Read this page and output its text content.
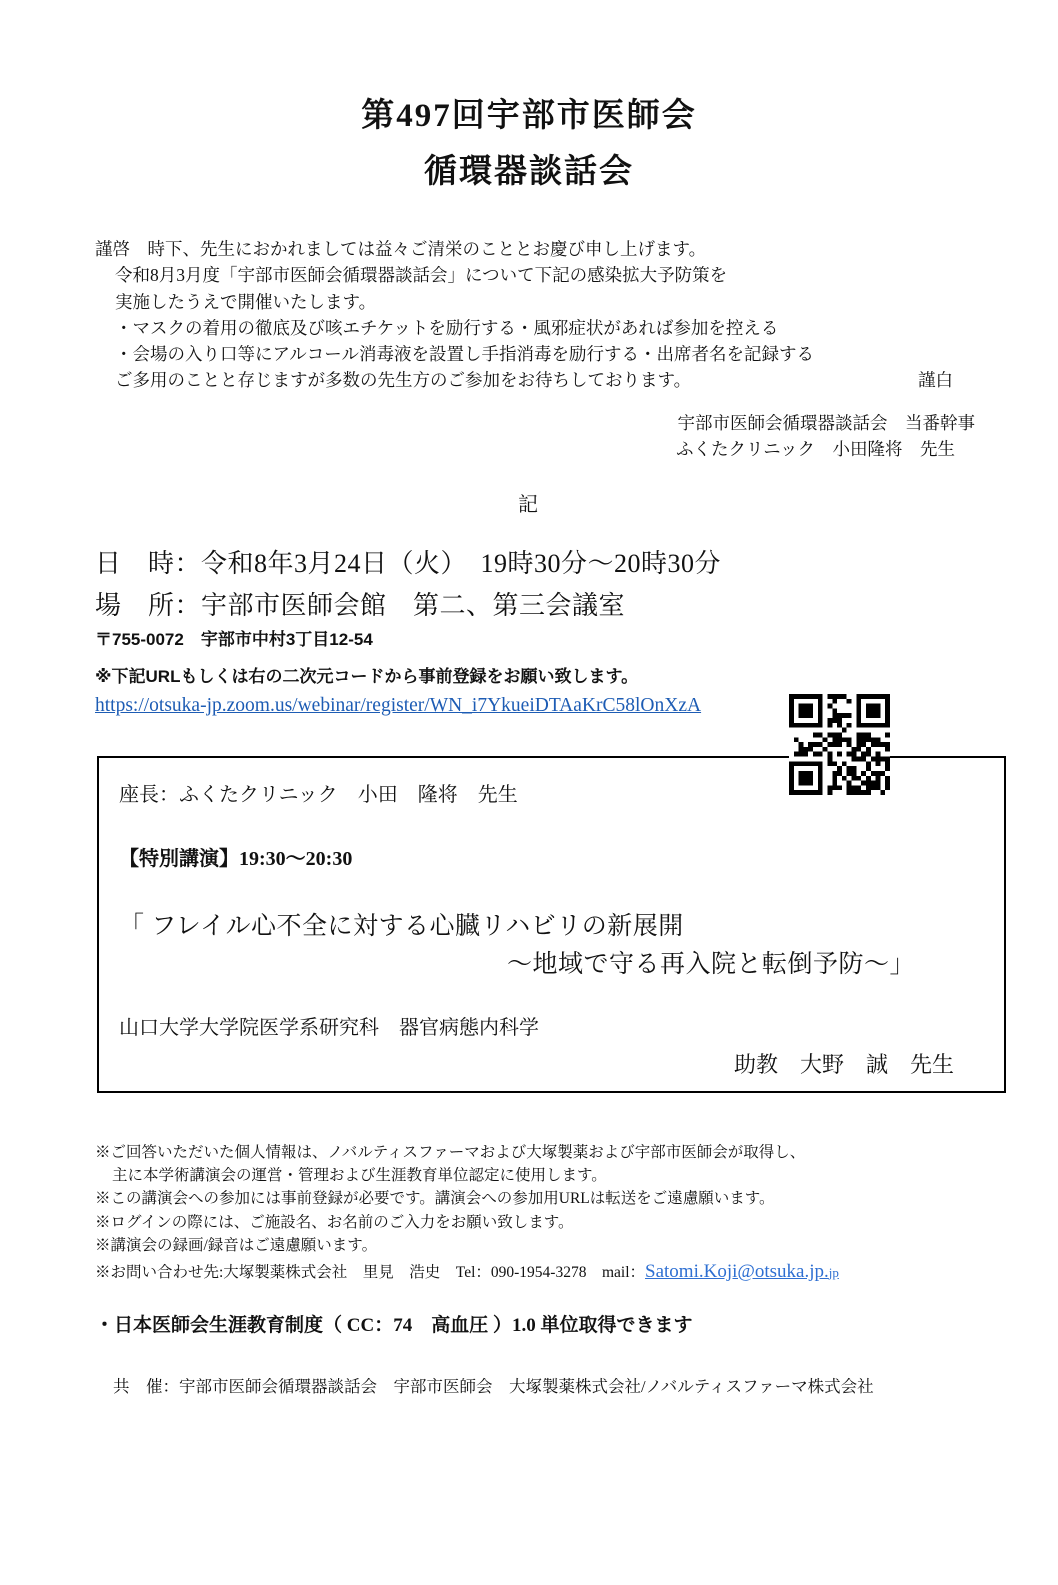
第497回宇部市医師会
循環器談話会
謹啓　時下、先生におかれましては益々ご清栄のこととお慶び申し上げます。
令和8月3月度「宇部市医師会循環器談話会」について下記の感染拡大予防策を
実施したうえで開催いたします。
・マスクの着用の徹底及び咳エチケットを励行する・風邪症状があれば参加を控える
・会場の入り口等にアルコール消毒液を設置し手指消毒を励行する・出席者名を記録する
ご多用のことと存じますが多数の先生方のご参加をお待ちしております。	謹白
宇部市医師会循環器談話会　当番幹事
ふくたクリニック　小田隆将　先生
記
日　時：令和8年3月24日（火）　19時30分～20時30分
場　所：宇部市医師会館　第二、第三会議室
〒755-0072　宇部市中村3丁目12-54
※下記URLもしくは右の二次元コードから事前登録をお願い致します。
https://otsuka-jp.zoom.us/webinar/register/WN_i7YkueiDTAaKrC58lOnXzA
座長：ふくたクリニック　小田　隆将　先生
【特別講演】19:30～20:30
「 フレイル心不全に対する心臓リハビリの新展開
～地域で守る再入院と転倒予防～」
山口大学大学院医学系研究科　器官病態内科学
助教　大野　誠　先生
※ご回答いただいた個人情報は、ノバルティスファーマおよび大塚製薬および宇部市医師会が取得し、
主に本学術講演会の運営・管理および生涯教育単位認定に使用します。
※この講演会への参加には事前登録が必要です。講演会への参加用URLは転送をご遠慮願います。
※ログインの際には、ご施設名、お名前のご入力をお願い致します。
※講演会の録画/録音はご遠慮願います。
※お問い合わせ先:大塚製薬株式会社　里見　浩史　Tel：090-1954-3278　mail：Satomi.Koji@otsuka.jp.jp
・日本医師会生涯教育制度（ CC：74　高血圧 ）1.0 単位取得できます
共　催：宇部市医師会循環器談話会　宇部市医師会　大塚製薬株式会社/ノバルティスファーマ株式会社
